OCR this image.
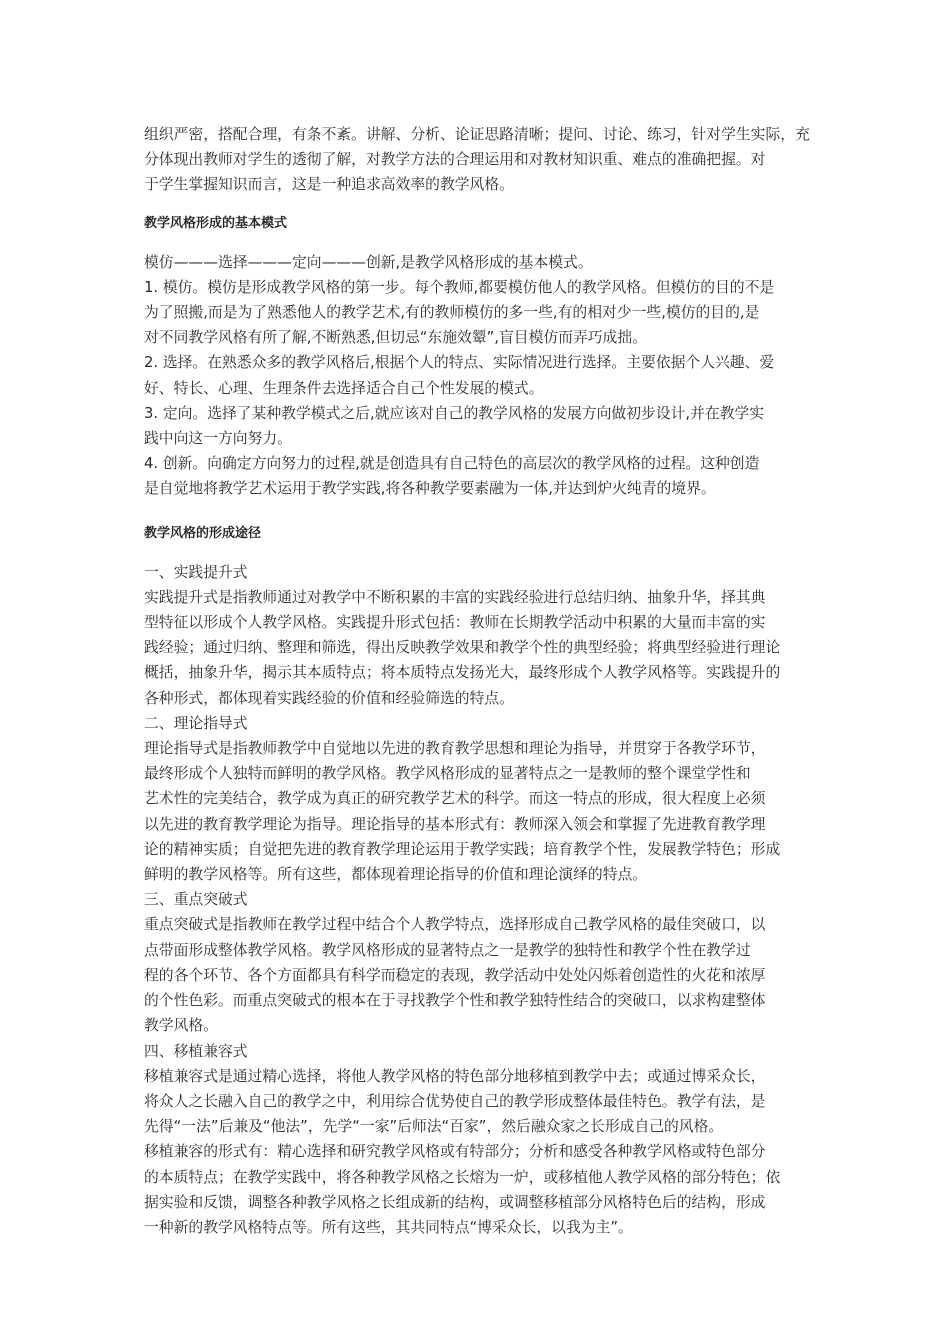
组织严密，搭配合理，有条不紊。讲解、分析、论证思路清晰；提问、讨论、练习，针对学生实际，充

分体现出教师对学生的透彻了解，对教学方法的合理运用和对教材知识重、难点的准确把握。对

于学生掌握知识而言，这是一种追求高效率的教学风格。

教学风格形成的基本模式

模仿———选择———定向———创新,是教学风格形成的基本模式。

1. 模仿。模仿是形成教学风格的第一步。每个教师,都要模仿他人的教学风格。但模仿的目的不是

为了照搬,而是为了熟悉他人的教学艺术,有的教师模仿的多一些,有的相对少一些,模仿的目的,是

对不同教学风格有所了解,不断熟悉,但切忌“东施效颦”,盲目模仿而弄巧成拙。

2. 选择。在熟悉众多的教学风格后,根据个人的特点、实际情况进行选择。主要依据个人兴趣、爱

好、特长、心理、生理条件去选择适合自己个性发展的模式。

3. 定向。选择了某种教学模式之后,就应该对自己的教学风格的发展方向做初步设计,并在教学实

践中向这一方向努力。

4. 创新。向确定方向努力的过程,就是创造具有自己特色的高层次的教学风格的过程。这种创造

是自觉地将教学艺术运用于教学实践,将各种教学要素融为一体,并达到炉火纯青的境界。

教学风格的形成途径

一、实践提升式

实践提升式是指教师通过对教学中不断积累的丰富的实践经验进行总结归纳、抽象升华，择其典

型特征以形成个人教学风格。实践提升形式包括：教师在长期教学活动中积累的大量而丰富的实

践经验；通过归纳、整理和筛选，得出反映教学效果和教学个性的典型经验；将典型经验进行理论

概括，抽象升华，揭示其本质特点；将本质特点发扬光大，最终形成个人教学风格等。实践提升的

各种形式，都体现着实践经验的价值和经验筛选的特点。

二、理论指导式

理论指导式是指教师教学中自觉地以先进的教育教学思想和理论为指导，并贯穿于各教学环节，

最终形成个人独特而鲜明的教学风格。教学风格形成的显著特点之一是教师的整个课堂学性和

艺术性的完美结合，教学成为真正的研究教学艺术的科学。而这一特点的形成，很大程度上必须

以先进的教育教学理论为指导。理论指导的基本形式有：教师深入领会和掌握了先进教育教学理

论的精神实质；自觉把先进的教育教学理论运用于教学实践；培育教学个性，发展教学特色；形成

鲜明的教学风格等。所有这些，都体现着理论指导的价值和理论演绎的特点。

三、重点突破式

重点突破式是指教师在教学过程中结合个人教学特点，选择形成自己教学风格的最佳突破口，以

点带面形成整体教学风格。教学风格形成的显著特点之一是教学的独特性和教学个性在教学过

程的各个环节、各个方面都具有科学而稳定的表现，教学活动中处处闪烁着创造性的火花和浓厚

的个性色彩。而重点突破式的根本在于寻找教学个性和教学独特性结合的突破口，以求构建整体

教学风格。

四、移植兼容式

移植兼容式是通过精心选择，将他人教学风格的特色部分地移植到教学中去；或通过博采众长，

将众人之长融入自己的教学之中，利用综合优势使自己的教学形成整体最佳特色。教学有法，是

先得“一法”后兼及“他法”，先学“一家”后师法“百家”，然后融众家之长形成自己的风格。

移植兼容的形式有：精心选择和研究教学风格或有特部分；分析和感受各种教学风格或特色部分

的本质特点；在教学实践中，将各种教学风格之长熔为一炉，或移植他人教学风格的部分特色；依

据实验和反馈，调整各种教学风格之长组成新的结构，或调整移植部分风格特色后的结构，形成

一种新的教学风格特点等。所有这些，其共同特点“博采众长，以我为主”。
